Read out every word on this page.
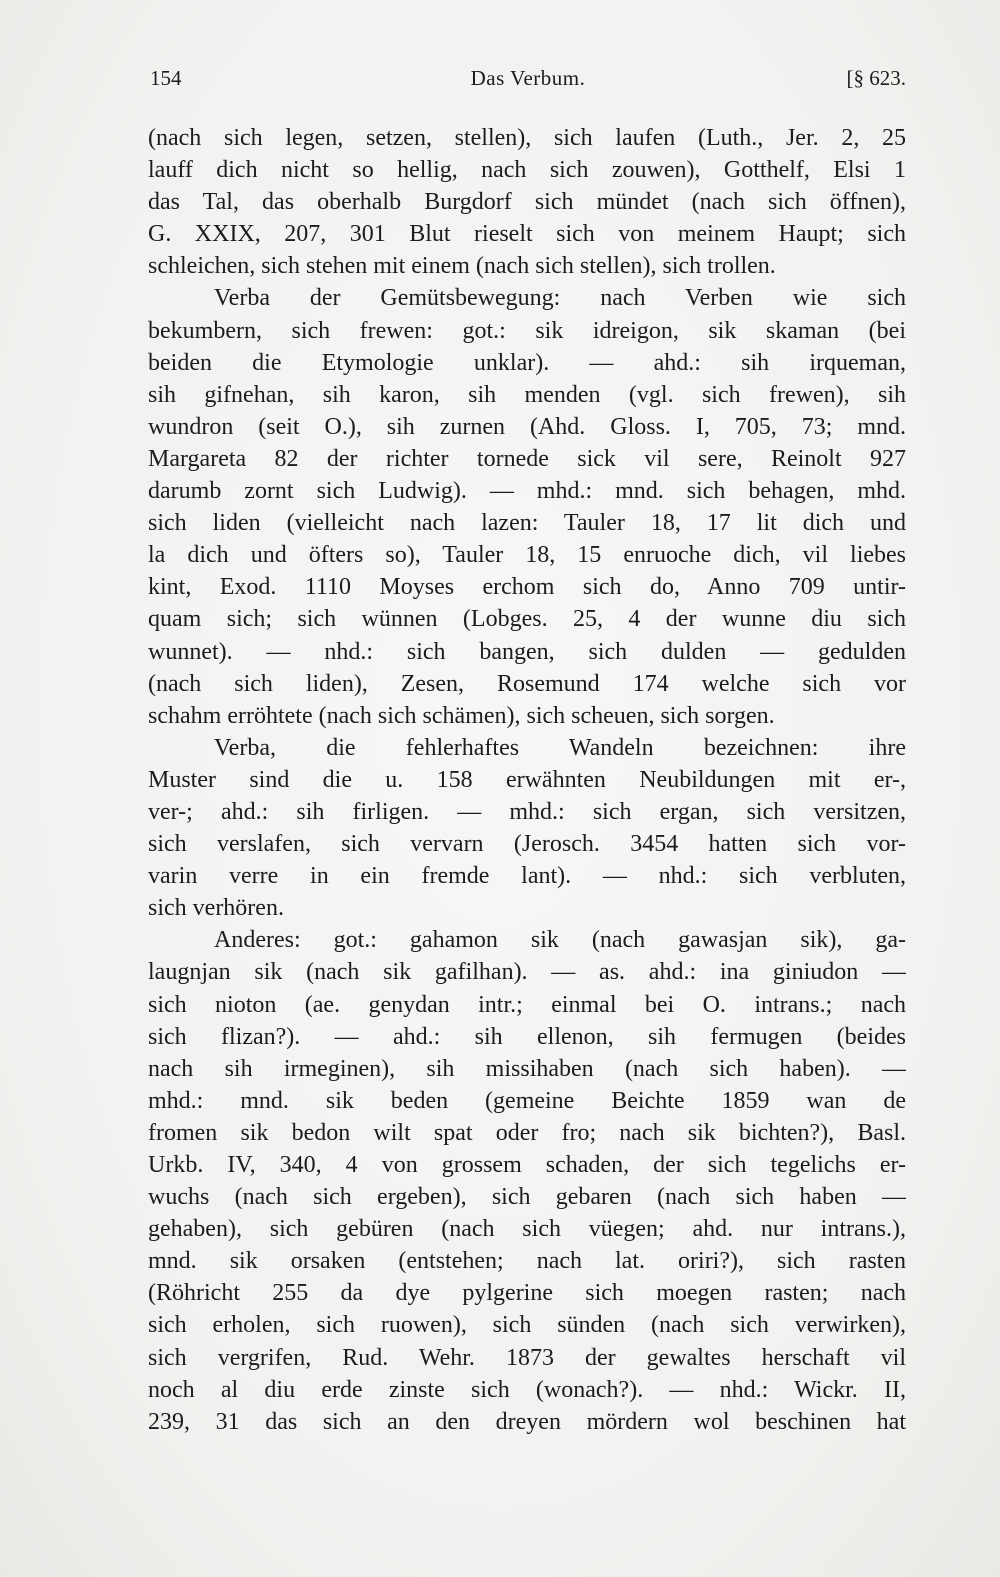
154	Das Verbum.	[§ 623.
(nach sich legen, setzen, stellen), sich laufen (Luth., Jer. 2, 25
lauff dich nicht so hellig, nach sich zouwen), Gotthelf, Elsi 1
das Tal, das oberhalb Burgdorf sich mündet (nach sich öffnen),
G. XXIX, 207, 301 Blut rieselt sich von meinem Haupt; sich
schleichen, sich stehen mit einem (nach sich stellen), sich trollen.
Verba der Gemütsbewegung: nach Verben wie sich
bekumbern, sich frewen: got.: sik idreigon, sik skaman (bei
beiden die Etymologie unklar). — ahd.: sih irqueman,
sih gifnehan, sih karon, sih menden (vgl. sich frewen), sih
wundron (seit O.), sih zurnen (Ahd. Gloss. I, 705, 73; mnd.
Margareta 82 der richter tornede sick vil sere, Reinolt 927
darumb zornt sich Ludwig). — mhd.: mnd. sich behagen, mhd.
sich liden (vielleicht nach lazen: Tauler 18, 17 lit dich und
la dich und öfters so), Tauler 18, 15 enruoche dich, vil liebes
kint, Exod. 1110 Moyses erchom sich do, Anno 709 untir-
quam sich; sich wünnen (Lobges. 25, 4 der wunne diu sich
wunnet). — nhd.: sich bangen, sich dulden — gedulden
(nach sich liden), Zesen, Rosemund 174 welche sich vor
schahm erröhtete (nach sich schämen), sich scheuen, sich sorgen.
Verba, die fehlerhaftes Wandeln bezeichnen: ihre
Muster sind die u. 158 erwähnten Neubildungen mit er-,
ver-; ahd.: sih firligen. — mhd.: sich ergan, sich versitzen,
sich verslafen, sich vervarn (Jerosch. 3454 hatten sich vor-
varin verre in ein fremde lant). — nhd.: sich verbluten,
sich verhören.
Anderes: got.: gahamon sik (nach gawasjan sik), ga-
laugnjan sik (nach sik gafilhan). — as. ahd.: ina giniudon —
sich nioton (ae. genydan intr.; einmal bei O. intrans.; nach
sich flizan?). — ahd.: sih ellenon, sih fermugen (beides
nach sih irmeginen), sih missihaben (nach sich haben). —
mhd.: mnd. sik beden (gemeine Beichte 1859 wan de
fromen sik bedon wilt spat oder fro; nach sik bichten?), Basl.
Urkb. IV, 340, 4 von grossem schaden, der sich tegelichs er-
wuchs (nach sich ergeben), sich gebaren (nach sich haben —
gehaben), sich gebüren (nach sich vüegen; ahd. nur intrans.),
mnd. sik orsaken (entstehen; nach lat. oriri?), sich rasten
(Röhricht 255 da dye pylgerine sich moegen rasten; nach
sich erholen, sich ruowen), sich sünden (nach sich verwirken),
sich vergrifen, Rud. Wehr. 1873 der gewaltes herschaft vil
noch al diu erde zinste sich (wonach?). — nhd.: Wickr. II,
239, 31 das sich an den dreyen mördern wol beschinen hat
